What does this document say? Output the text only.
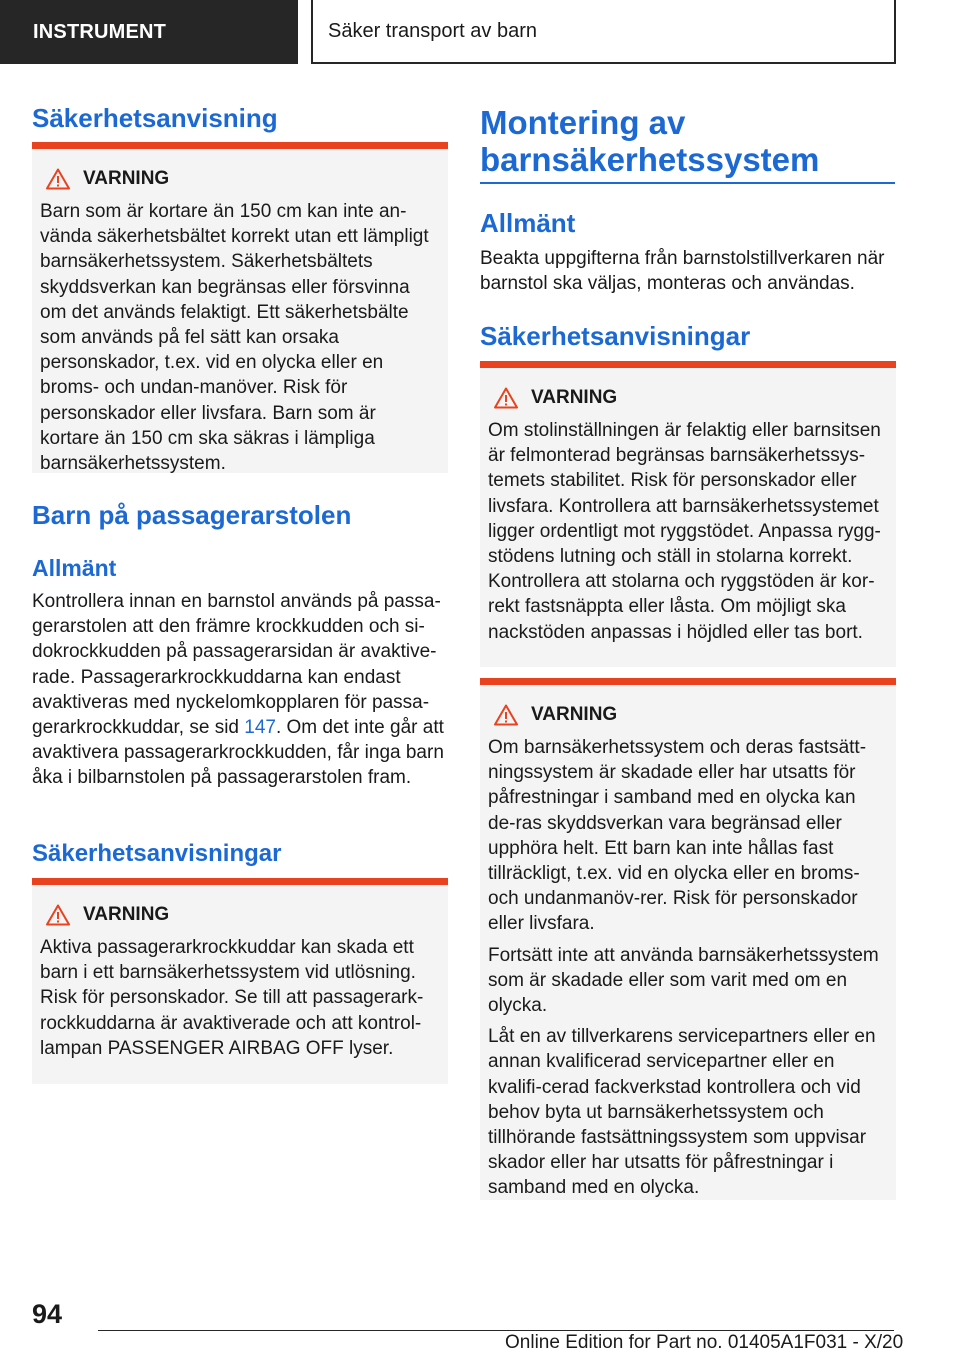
INSTRUMENT	Säker transport av barn
Säkerhetsanvisning
VARNING

Barn som är kortare än 150 cm kan inte an-vända säkerhetsbältet korrekt utan ett lämpligt barnsäkerhetssystem. Säkerhetsbältets skyddsverkan kan begränsas eller försvinna om det används felaktigt. Ett säkerhetsbälte som används på fel sätt kan orsaka personskador, t.ex. vid en olycka eller en broms- och undan-manöver. Risk för personskador eller livsfara. Barn som är kortare än 150 cm ska säkras i lämpliga barnsäkerhetssystem.

Barn på passagerarstolen
Allmänt
Kontrollera innan en barnstol används på passa-gerarstolen att den främre krockkudden och si-dokrockkudden på passagerarsidan är avaktive-rade. Passagerarkrockkuddarna kan endast avaktiveras med nyckelomkopplaren för passa-gerarkrockkuddar, se sid 147. Om det inte går att avaktivera passagerarkrockkudden, får inga barn åka i bilbarnstolen på passagerarstolen fram.
Säkerhetsanvisningar
VARNING

Aktiva passagerarkrockkuddar kan skada ett barn i ett barnsäkerhetssystem vid utlösning. Risk för personskador. Se till att passagerark-rockkuddarna är avaktiverade och att kontrol-lampan PASSENGER AIRBAG OFF lyser.

Montering av barnsäkerhetssystem
Allmänt
Beakta uppgifterna från barnstolstillverkaren när barnstol ska väljas, monteras och användas.
Säkerhetsanvisningar
VARNING

Om stolinställningen är felaktig eller barnsitsen är felmonterad begränsas barnsäkerhetssys-temets stabilitet. Risk för personskador eller livsfara. Kontrollera att barnsäkerhetssystemet ligger ordentligt mot ryggstödet. Anpassa rygg-stödens lutning och ställ in stolarna korrekt. Kontrollera att stolarna och ryggstöden är kor-rekt fastsnäppta eller låsta. Om möjligt ska nackstöden anpassas i höjdled eller tas bort.

VARNING

Om barnsäkerhetssystem och deras fastsätt-ningssystem är skadade eller har utsatts för påfrestningar i samband med en olycka kan de-ras skyddsverkan vara begränsad eller upphöra helt. Ett barn kan inte hållas fast tillräckligt, t.ex. vid en olycka eller en broms- och undanmanöv-rer. Risk för personskador eller livsfara.

Fortsätt inte att använda barnsäkerhetssystem som är skadade eller som varit med om en olycka.

Låt en av tillverkarens servicepartners eller en annan kvalificerad servicepartner eller en kvalifi-cerad fackverkstad kontrollera och vid behov byta ut barnsäkerhetssystem och tillhörande fastsättningssystem som uppvisar skador eller har utsatts för påfrestningar i samband med en olycka.

94
Online Edition for Part no. 01405A1F031 - X/20
